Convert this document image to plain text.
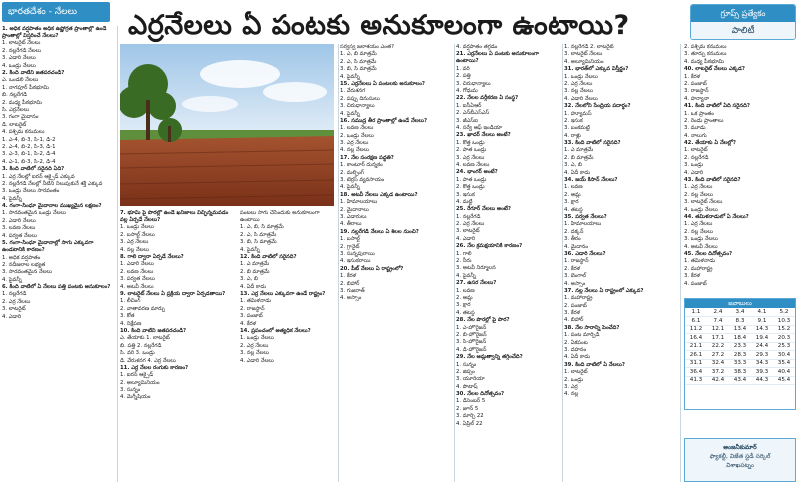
భారతదేశం - నేలలు	ఎర్రనేలలు ఏ పంటకు అనుకూలంగా ఉంటాయి?	గ్రూప్స్ ప్రత్యేకం
పాలిటీ

1. అధిక వర్షపాతం అధిక ఉష్ణోగ్రత ప్రాంతాల్లో ఉండే ప్రాంతాల్లో విస్తరించే నేలలు?

1. లాటరైట్ నేలలు

2. నల్లరేగడి నేలలు

3. ఎడారి నేలలు

4. ఒండ్రు నేలలు

2. కింది వాటిని జతపరచండి?

ఎ. ఒండలి నేలలు

1. నాగపూర్ పీఠభూమి

బి. నల్లరేగడి

2. మధ్య పీఠభూమి

సి. ఎర్రనేలలు

3. గంగా మైదానం

డి. లాటరైట్

4. పశ్చిమ కనుమలు

1. ఎ-4, బి-3, సి-1, డి-2

2. ఎ-4, బి-2, సి-3, డి-1

3. ఎ-3, బి-1, సి-2, డి-4

4. ఎ-1, బి-3, సి-2, డి-4

3. కింది వాటిలో సరైనది ఏది?

1. ఎర్ర నేలల్లో ఐరన్ ఆక్సైడ్ ఎక్కువ

2. నల్లరేగడి నేలల్లో నీటిని నిలుపుకునే శక్తి ఎక్కువ

3. ఒండ్రు నేలలు సారవంతం

4. పైవన్నీ

4. గంగా-సింధూ మైదానాల ముఖ్యమైన లక్షణం?

1. సారవంతమైన ఒండ్రు నేలలు

2. ఎడారి నేలలు

3. లవణ నేలలు

4. పర్వత నేలలు

5. గంగా-సింధూ మైదానాల్లో సాగు ఎక్కువగా ఉండటానికి కారణం?

1. అధిక వర్షపాతం

2. నదీజలాల లభ్యత

3. సారవంతమైన నేలలు

4. పైవన్నీ

6. కింది వాటిలో ఏ నేలలు పత్తి పంటకు అనుకూలం?

1. నల్లరేగడి

2. ఎర్ర నేలలు

3. లాటరైట్

4. ఎడారి

7. భూమి పై పొరల్లో ఉండే ఖనిజాలు విచ్ఛిన్నమవడం వల్ల ఏర్పడే నేలలు?

1. ఒండ్రు నేలలు

2. బసాల్ట్ నేలలు

3. ఎర్ర నేలలు

4. నల్ల నేలలు

8. గాలి ద్వారా ఏర్పడే నేలలు?

1. ఎడారి నేలలు

2. లవణ నేలలు

3. పర్వత నేలలు

4. అటవీ నేలలు

9. లాటరైట్ నేలలు ఏ ప్రక్రియ ద్వారా ఏర్పడతాయి?

1. లీచింగ్

2. వాతావరణ మార్పు

3. కోత

4. నిక్షేపణ

10. కింది వాటిని జతపరచండి?

ఎ. తేయాకు 1. లాటరైట్

బి. పత్తి 2. నల్లరేగడి

సి. వరి 3. ఒండ్రు

డి. వేరుశనగ 4. ఎర్ర నేలలు

11. ఎర్ర నేలల రంగుకు కారణం?

1. ఐరన్ ఆక్సైడ్

2. అల్యూమినియం

3. సున్నం

4. మెగ్నీషియం

పంటలు సాగు చేసేందుకు అనుకూలంగా ఉంటాయి

1. ఎ, బి, సి మాత్రమే

2. ఎ, సి మాత్రమే

3. బి, సి మాత్రమే

4. పైవన్నీ

12. కింది వాటిలో సరైనది?

1. ఎ మాత్రమే

2. బి మాత్రమే

3. ఎ, బి

4. ఏదీ కాదు

13. ఎర్ర నేలలు ఎక్కువగా ఉండే రాష్ట్రం?

1. తమిళనాడు

2. రాజస్థాన్

3. పంజాబ్

4. కేరళ

14. ప్రపంచంలో అత్యధిక నేలలు?

1. ఒండ్రు నేలలు

2. ఎర్ర నేలలు

3. నల్ల నేలలు

4. ఎడారి నేలలు

సర్వస్వ జలాశయం ఎంత?

1. ఎ, బి మాత్రమే

2. ఎ, సి మాత్రమే

3. బి, సి మాత్రమే

4. పైవన్నీ

15. ఎర్రనేలలు ఏ పంటలకు అనుకూలం?

1. వేరుశనగ

2. పప్పు దినుసులు

3. చిరుధాన్యాలు

4. పైవన్నీ

16. సముద్ర తీర ప్రాంతాల్లో ఉండే నేలలు?

1. లవణ నేలలు

2. ఒండ్రు నేలలు

3. ఎర్ర నేలలు

4. నల్ల నేలలు

17. నేల సంరక్షణ పద్ధతి?

1. కాంటూర్ దున్నకం

2. మల్చింగ్

3. టెర్రస్ వ్యవసాయం

4. పైవన్నీ

18. అటవీ నేలలు ఎక్కడ ఉంటాయి?

1. హిమాలయాలు

2. మైదానాలు

3. ఎడారులు

4. తీరాలు

19. నల్లరేగడి నేలలు ఏ శిలల నుంచి?

1. బసాల్ట్

2. గ్రానైట్

3. సున్నపురాయి

4. ఇసుకరాయి

20. పీట్ నేలలు ఏ రాష్ట్రంలో?

1. కేరళ

2. బిహార్

3. గుజరాత్

4. అస్సాం

4. వర్షపాతం తగ్గడం

21. ఎర్రనేలలు ఏ పంటకు అనుకూలంగా ఉంటాయి?

1. వరి

2. పత్తి

3. చిరుధాన్యాలు

4. గోధుమ

22. నేలల వర్గీకరణ ఏ సంస్థ?

1. ఐసీఏఆర్

2. ఎన్‌బీఎస్‌ఎస్

3. జీఎస్ఐ

4. సర్వే ఆఫ్ ఇండియా

23. ఖాదర్ నేలలు అంటే?

1. కొత్త ఒండ్రు

2. పాత ఒండ్రు

3. ఎర్ర నేలలు

4. లవణ నేలలు

24. భాంగర్ అంటే?

1. పాత ఒండ్రు

2. కొత్త ఒండ్రు

3. ఇసుక

4. మట్టి

25. రేగూర్ నేలలు అంటే?

1. నల్లరేగడి

2. ఎర్ర నేలలు

3. లాటరైట్

4. ఎడారి

26. నేల క్రమక్షయానికి కారణం?

1. గాలి

2. నీరు

3. అటవీ నిర్మూలన

4. పైవన్నీ

27. ఉసర నేలలు?

1. లవణ

2. ఆమ్ల

3. క్షార

4. తటస్థ

28. నేల పొరల్లో పై పొర?

1. ఎ-హొరైజన్

2. బి-హొరైజన్

3. సి-హొరైజన్

4. డి-హొరైజన్

29. నేల ఆమ్లత్వాన్ని తగ్గించేది?

1. సున్నం

2. జిప్సం

3. యూరియా

4. పొటాష్

30. నేలల దినోత్సవం?

1. డిసెంబర్ 5

2. జూన్ 5

3. మార్చి 22

4. ఏప్రిల్ 22

1. నల్లరేగడి 2. లాటరైట్

3. లాటరైట్ నేలలు

4. అల్యూమినియం

31. భారత్‌లో ఎక్కువ విస్తీర్ణం?

1. ఒండ్రు నేలలు

2. ఎర్ర నేలలు

3. నల్ల నేలలు

4. ఎడారి నేలలు

32. నేలలోని సేంద్రియ పదార్థం?

1. హ్యూమస్

2. ఇసుక

3. బంకమట్టి

4. రాళ్లు

33. కింది వాటిలో సరైనది?

1. ఎ మాత్రమే

2. బి మాత్రమే

3. ఎ, బి

4. ఏదీ కాదు

34. జయ్ కిసాన్ నేలలు?

1. లవణ

2. ఆమ్ల

3. క్షార

4. తటస్థ

35. పర్వత నేలలు?

1. హిమాలయాలు

2. దక్కన్

3. తీరం

4. మైదానం

36. ఎడారి నేలలు?

1. రాజస్థాన్

2. కేరళ

3. బెంగాల్

4. అస్సాం

37. నల్ల నేలలు ఏ రాష్ట్రంలో ఎక్కువ?

1. మహారాష్ట్ర

2. పంజాబ్

3. కేరళ

4. బిహార్

38. నేల సారాన్ని పెంచేది?

1. పంట మార్పిడి

2. ఏకపంట

3. దహనం

4. ఏదీ కాదు

39. కింది వాటిలో ఏ నేలలు?

1. లాటరైట్

2. ఒండ్రు

3. ఎర్ర

4. నల్ల

2. పశ్చిమ కనుమలు

3. తూర్పు కనుమలు

4. మధ్య పీఠభూమి

40. లాటరైట్ నేలలు ఎక్కడ?

1. కేరళ

2. పంజాబ్

3. రాజస్థాన్

4. హర్యానా

41. కింది వాటిలో ఏది సరైనది?

1. ఒక ప్రాంతం

2. రెండు ప్రాంతాలు

3. మూడు

4. నాలుగు

42. తేయాకు ఏ నేలల్లో?

1. లాటరైట్

2. నల్లరేగడి

3. ఒండ్రు

4. ఎడారి

43. కింది వాటిలో సరైనది?

1. ఎర్ర నేలలు

2. నల్ల నేలలు

3. లాటరైట్ నేలలు

4. ఒండ్రు నేలలు

44. తమిళనాడులో ఏ నేలలు?

1. ఎర్ర నేలలు

2. నల్ల నేలలు

3. ఒండ్రు నేలలు

4. అటవీ నేలలు

45. నేలల దినోత్సవం?

1. తమిళనాడు

2. మహారాష్ట్ర

3. కేరళ

4. పంజాబ్

జవాబులు
1.1	2.4	3.4	4.1	5.2
6.1	7.4	8.3	9.1	10.3
11.2	12.1	13.4	14.3	15.2
16.4	17.1	18.4	19.4	20.3
21.1	22.2	23.3	24.4	25.3
26.1	27.2	28.3	29.3	30.4
31.1	32.4	33.3	34.3	35.4
36.4	37.2	38.3	39.3	40.4
41.3	42.4	43.4	44.3	45.4
అంజనీకుమార్
ఫ్యాకల్టీ, విజేత స్టడీ సర్కిల్
విశాఖపట్నం
